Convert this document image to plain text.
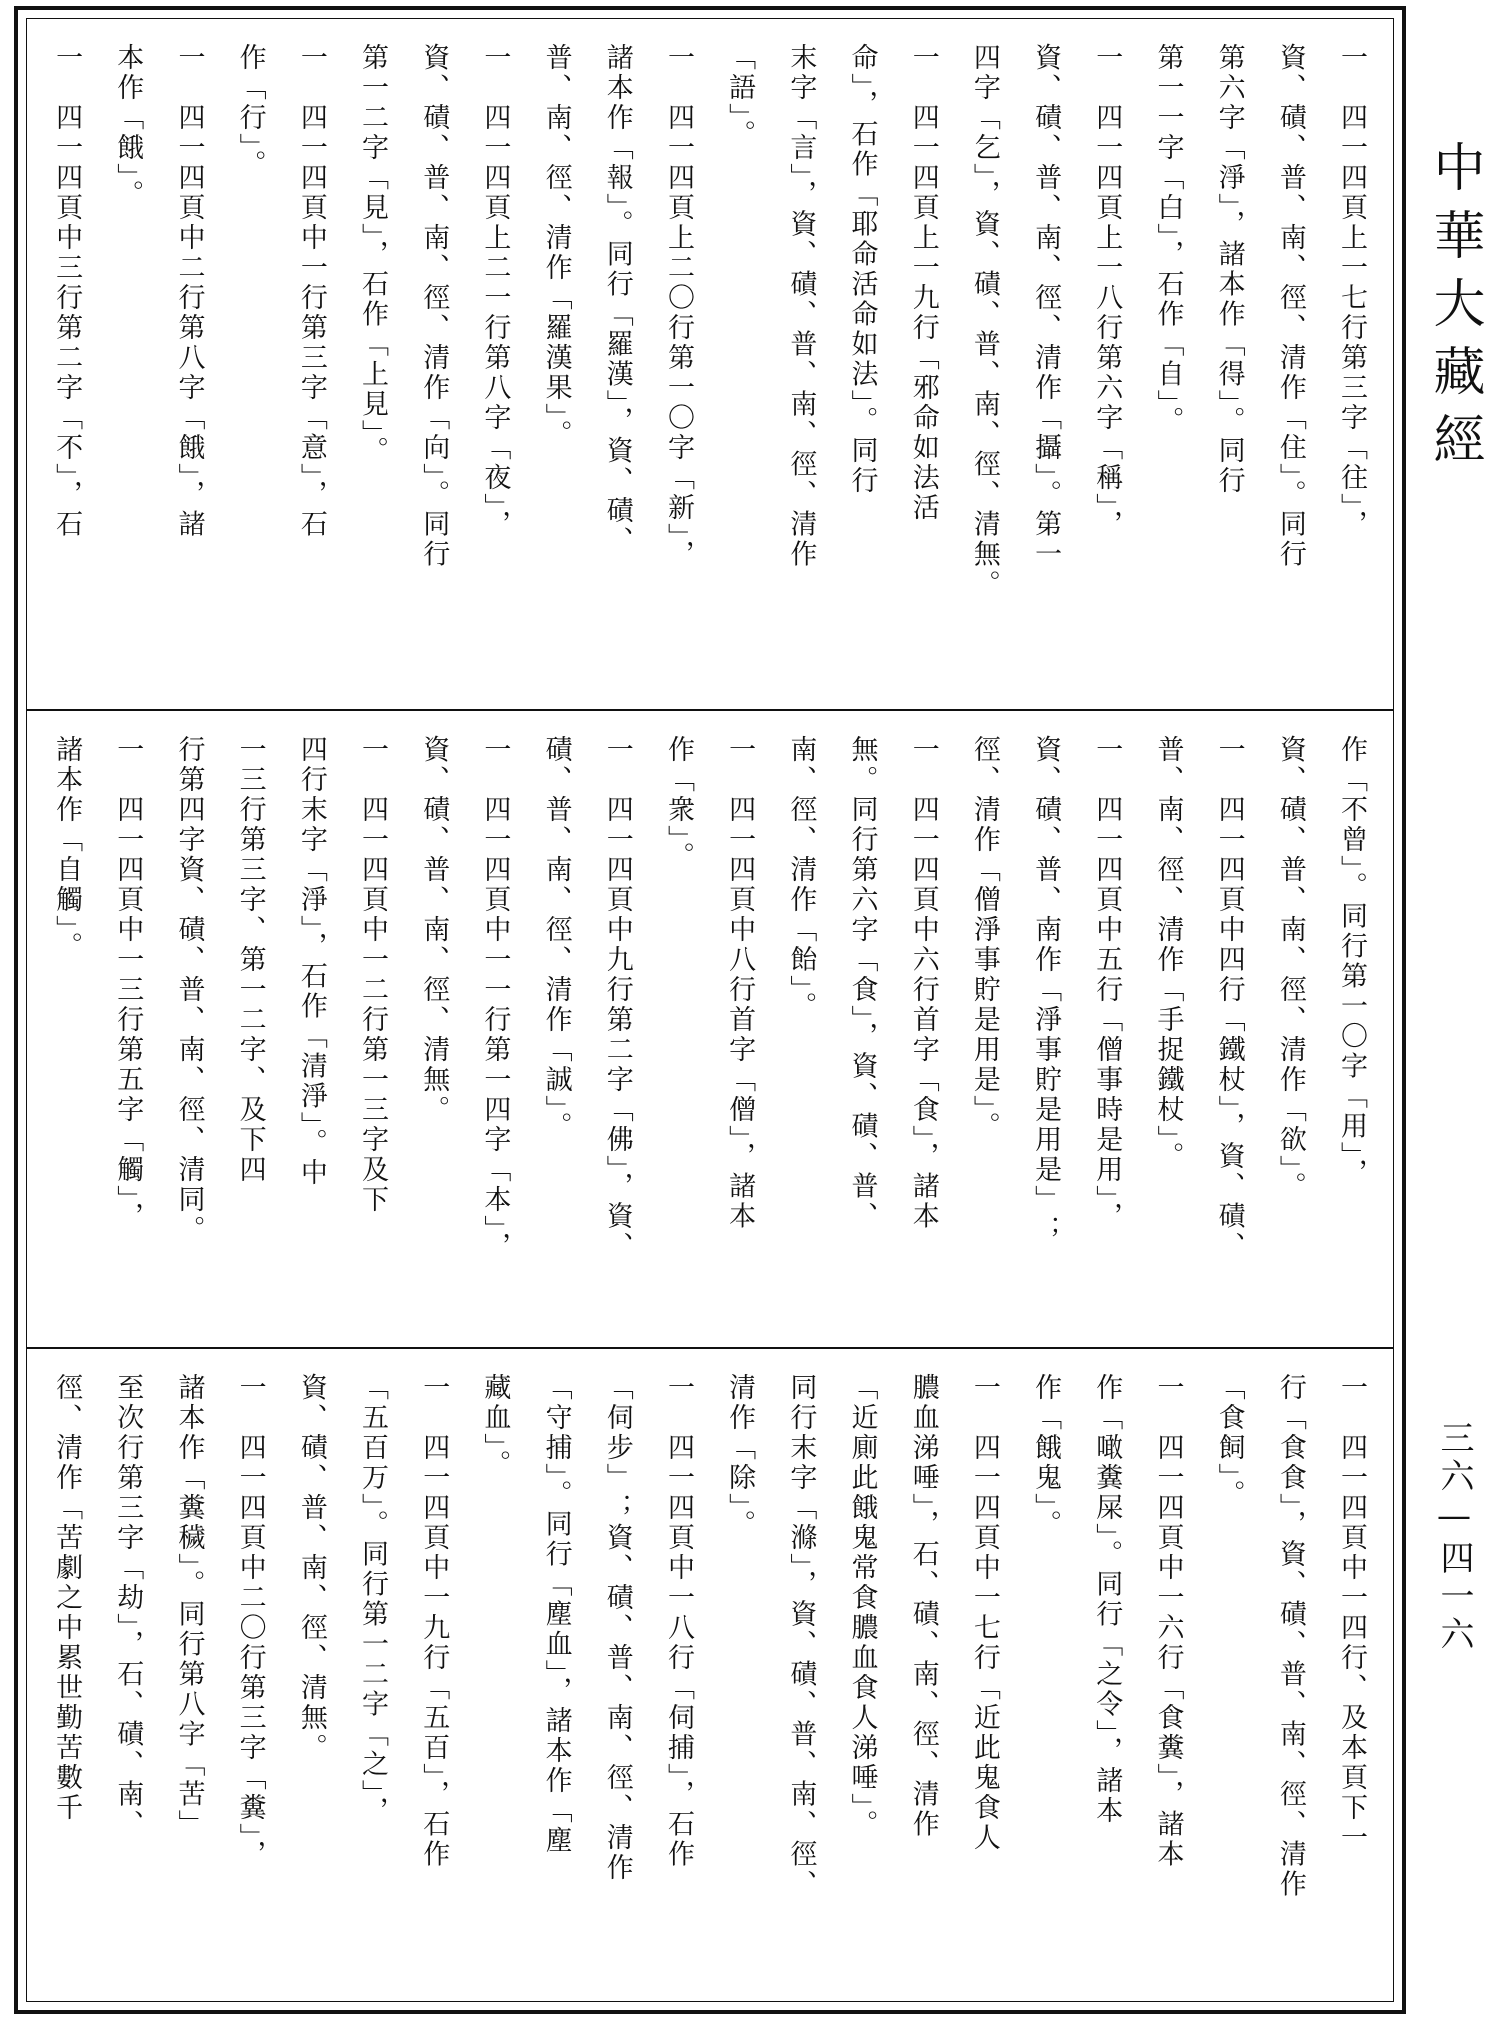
一　四一四頁上一七行第三字「往」，
資、磧、普、南、徑、清作「住」。同行
第六字「淨」，諸本作「得」。同行
第一一字「白」，石作「自」。
一　四一四頁上一八行第六字「稱」，
資、磧、普、南、徑、清作「攝」。第一
四字「乞」，資、磧、普、南、徑、清無。
一　四一四頁上一九行「邪命如法活
命」，石作「耶命活命如法」。同行
末字「言」，資、磧、普、南、徑、清作
「語」。
一　四一四頁上二〇行第一〇字「新」，
諸本作「報」。同行「羅漢」，資、磧、
普、南、徑、清作「羅漢果」。
一　四一四頁上二一行第八字「夜」，
資、磧、普、南、徑、清作「向」。同行
第一二字「見」，石作「上見」。
一　四一四頁中一行第三字「意」，石
作「行」。
一　四一四頁中二行第八字「餓」，諸
本作「餓」。
一　四一四頁中三行第二字「不」，石
作「不曾」。同行第一〇字「用」，
資、磧、普、南、徑、清作「欲」。
一　四一四頁中四行「鐵杖」，資、磧、
普、南、徑、清作「手捉鐵杖」。
一　四一四頁中五行「僧事時是用」，
資、磧、普、南作「淨事貯是用是」；
徑、清作「僧淨事貯是用是」。
一　四一四頁中六行首字「食」，諸本
無。同行第六字「食」，資、磧、普、
南、徑、清作「飴」。
一　四一四頁中八行首字「僧」，諸本
作「衆」。
一　四一四頁中九行第二字「佛」，資、
磧、普、南、徑、清作「誠」。
一　四一四頁中一一行第一四字「本」，
資、磧、普、南、徑、清無。
一　四一四頁中一二行第一三字及下
四行末字「淨」，石作「清淨」。中
一三行第三字、第一二字、及下四
行第四字資、磧、普、南、徑、清同。
一　四一四頁中一三行第五字「觸」，
諸本作「自觸」。
一　四一四頁中一四行、及本頁下一
行「食食」，資、磧、普、南、徑、清作
「食飼」。
一　四一四頁中一六行「食糞」，諸本
作「噉糞屎」。同行「之令」，諸本
作「餓鬼」。
一　四一四頁中一七行「近此鬼食人
膿血涕唾」，石、磧、南、徑、清作
「近廁此餓鬼常食膿血食人涕唾」。
同行末字「滌」，資、磧、普、南、徑、
清作「除」。
一　四一四頁中一八行「伺捕」，石作
「伺步」；資、磧、普、南、徑、清作
「守捕」。同行「塵血」，諸本作「塵
藏血」。
一　四一四頁中一九行「五百」，石作
「五百万」。同行第一二字「之」，
資、磧、普、南、徑、清無。
一　四一四頁中二〇行第三字「糞」，
諸本作「糞穢」。同行第八字「苦」
至次行第三字「劫」，石、磧、南、
徑、清作「苦劇之中累世勤苦數千
中華大藏經
三六—四一六
